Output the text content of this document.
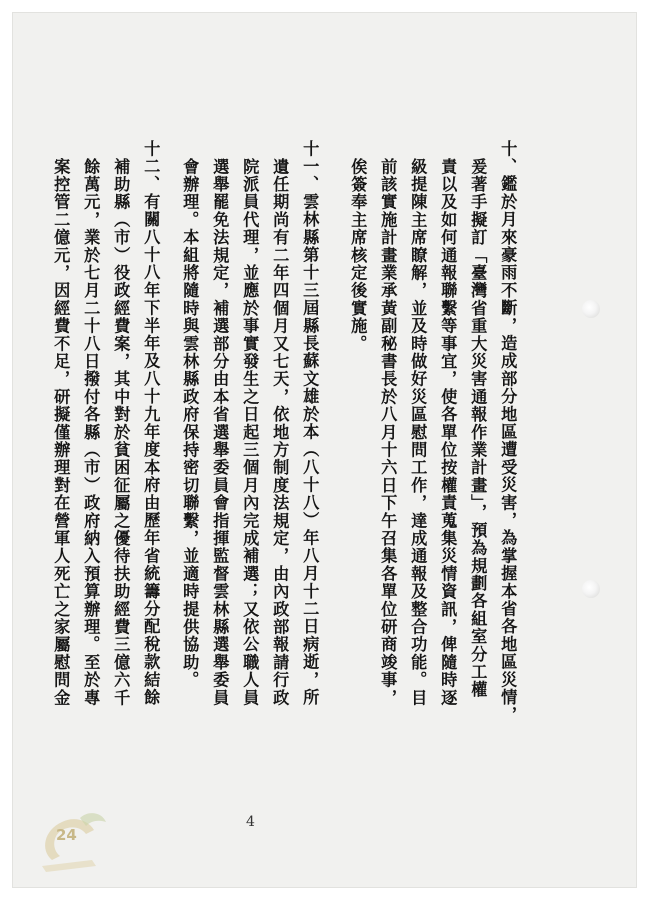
十、鑑於月來豪雨不斷，造成部分地區遭受災害，為掌握本省各地區災情，
爰著手擬訂「臺灣省重大災害通報作業計畫」，預為規劃各組室分工權
責以及如何通報聯繫等事宜，使各單位按權責蒐集災情資訊，俾隨時逐
級提陳主席瞭解，並及時做好災區慰問工作，達成通報及整合功能。目
前該實施計畫業承黃副秘書長於八月十六日下午召集各單位研商竣事，
俟簽奉主席核定後實施。
十一、雲林縣第十三屆縣長蘇文雄於本（八十八）年八月十二日病逝，所
遺任期尚有二年四個月又七天，依地方制度法規定，由內政部報請行政
院派員代理，並應於事實發生之日起三個月內完成補選；又依公職人員
選舉罷免法規定，補選部分由本省選舉委員會指揮監督雲林縣選舉委員
會辦理。本組將隨時與雲林縣政府保持密切聯繫，並適時提供協助。
十二、有關八十八年下半年及八十九年度本府由歷年省統籌分配稅款結餘
補助縣（市）役政經費案，其中對於貧困征屬之優待扶助經費三億六千
餘萬元，業於七月二十八日撥付各縣（市）政府納入預算辦理。至於專
案控管二億元，因經費不足，研擬僅辦理對在營軍人死亡之家屬慰問金
4
24
